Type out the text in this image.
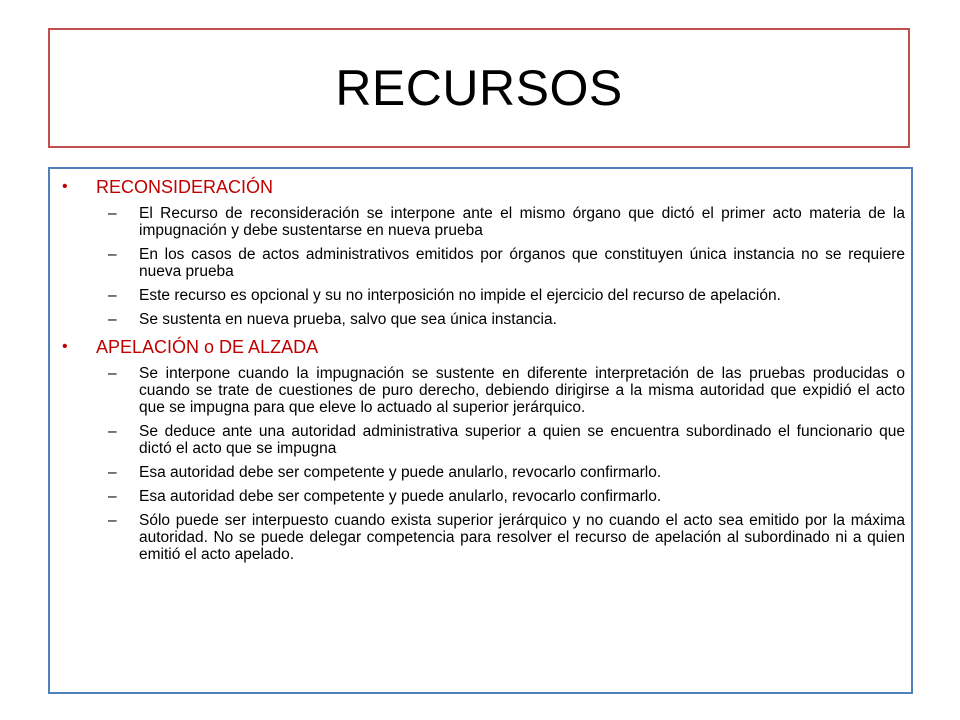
RECURSOS
• RECONSIDERACIÓN
– El Recurso de reconsideración se interpone ante el mismo órgano que dictó el primer acto materia de la impugnación y debe sustentarse en nueva prueba
– En los casos de actos administrativos emitidos por órganos que constituyen única instancia no se requiere nueva prueba
– Este recurso es opcional y su no interposición no impide el ejercicio del recurso de apelación.
– Se sustenta en nueva prueba, salvo que sea única instancia.
• APELACIÓN o DE ALZADA
– Se interpone cuando la impugnación se sustente en diferente interpretación de las pruebas producidas o cuando se trate de cuestiones de puro derecho, debiendo dirigirse a la misma autoridad que expidió el acto que se impugna para que eleve lo actuado al superior jerárquico.
– Se deduce ante una autoridad administrativa superior a quien se encuentra subordinado el funcionario que dictó el acto que se impugna
– Esa autoridad debe ser competente y puede anularlo, revocarlo confirmarlo.
– Esa autoridad debe ser competente y puede anularlo, revocarlo confirmarlo.
– Sólo puede ser interpuesto cuando exista superior jerárquico y no cuando el acto sea emitido por la máxima autoridad. No se puede delegar competencia para resolver el recurso de apelación al subordinado ni a quien emitió el acto apelado.
